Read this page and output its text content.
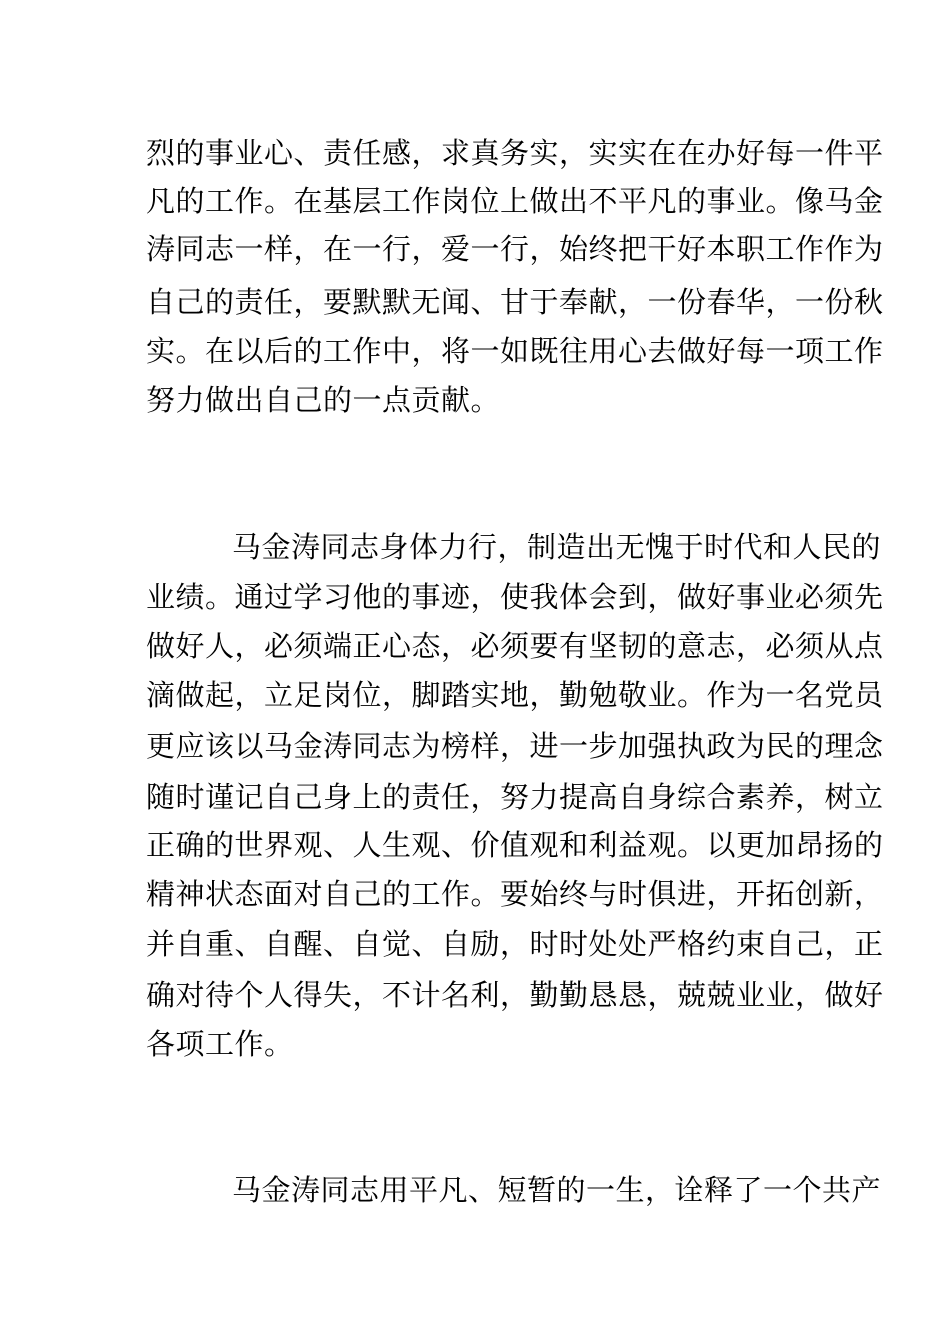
烈的事业心、责任感，求真务实，实实在在办好每一件平
凡的工作。在基层工作岗位上做出不平凡的事业。像马金
涛同志一样，在一行，爱一行，始终把干好本职工作作为
自己的责任，要默默无闻、甘于奉献，一份春华，一份秋
实。在以后的工作中，将一如既往用心去做好每一项工作
努力做出自己的一点贡献。
马金涛同志身体力行，制造出无愧于时代和人民的
业绩。通过学习他的事迹，使我体会到，做好事业必须先
做好人，必须端正心态，必须要有坚韧的意志，必须从点
滴做起，立足岗位，脚踏实地，勤勉敬业。作为一名党员
更应该以马金涛同志为榜样，进一步加强执政为民的理念
随时谨记自己身上的责任，努力提高自身综合素养，树立
正确的世界观、人生观、价值观和利益观。以更加昂扬的
精神状态面对自己的工作。要始终与时俱进，开拓创新，
并自重、自醒、自觉、自励，时时处处严格约束自己，正
确对待个人得失，不计名利，勤勤恳恳，兢兢业业，做好
各项工作。
马金涛同志用平凡、短暂的一生，诠释了一个共产
